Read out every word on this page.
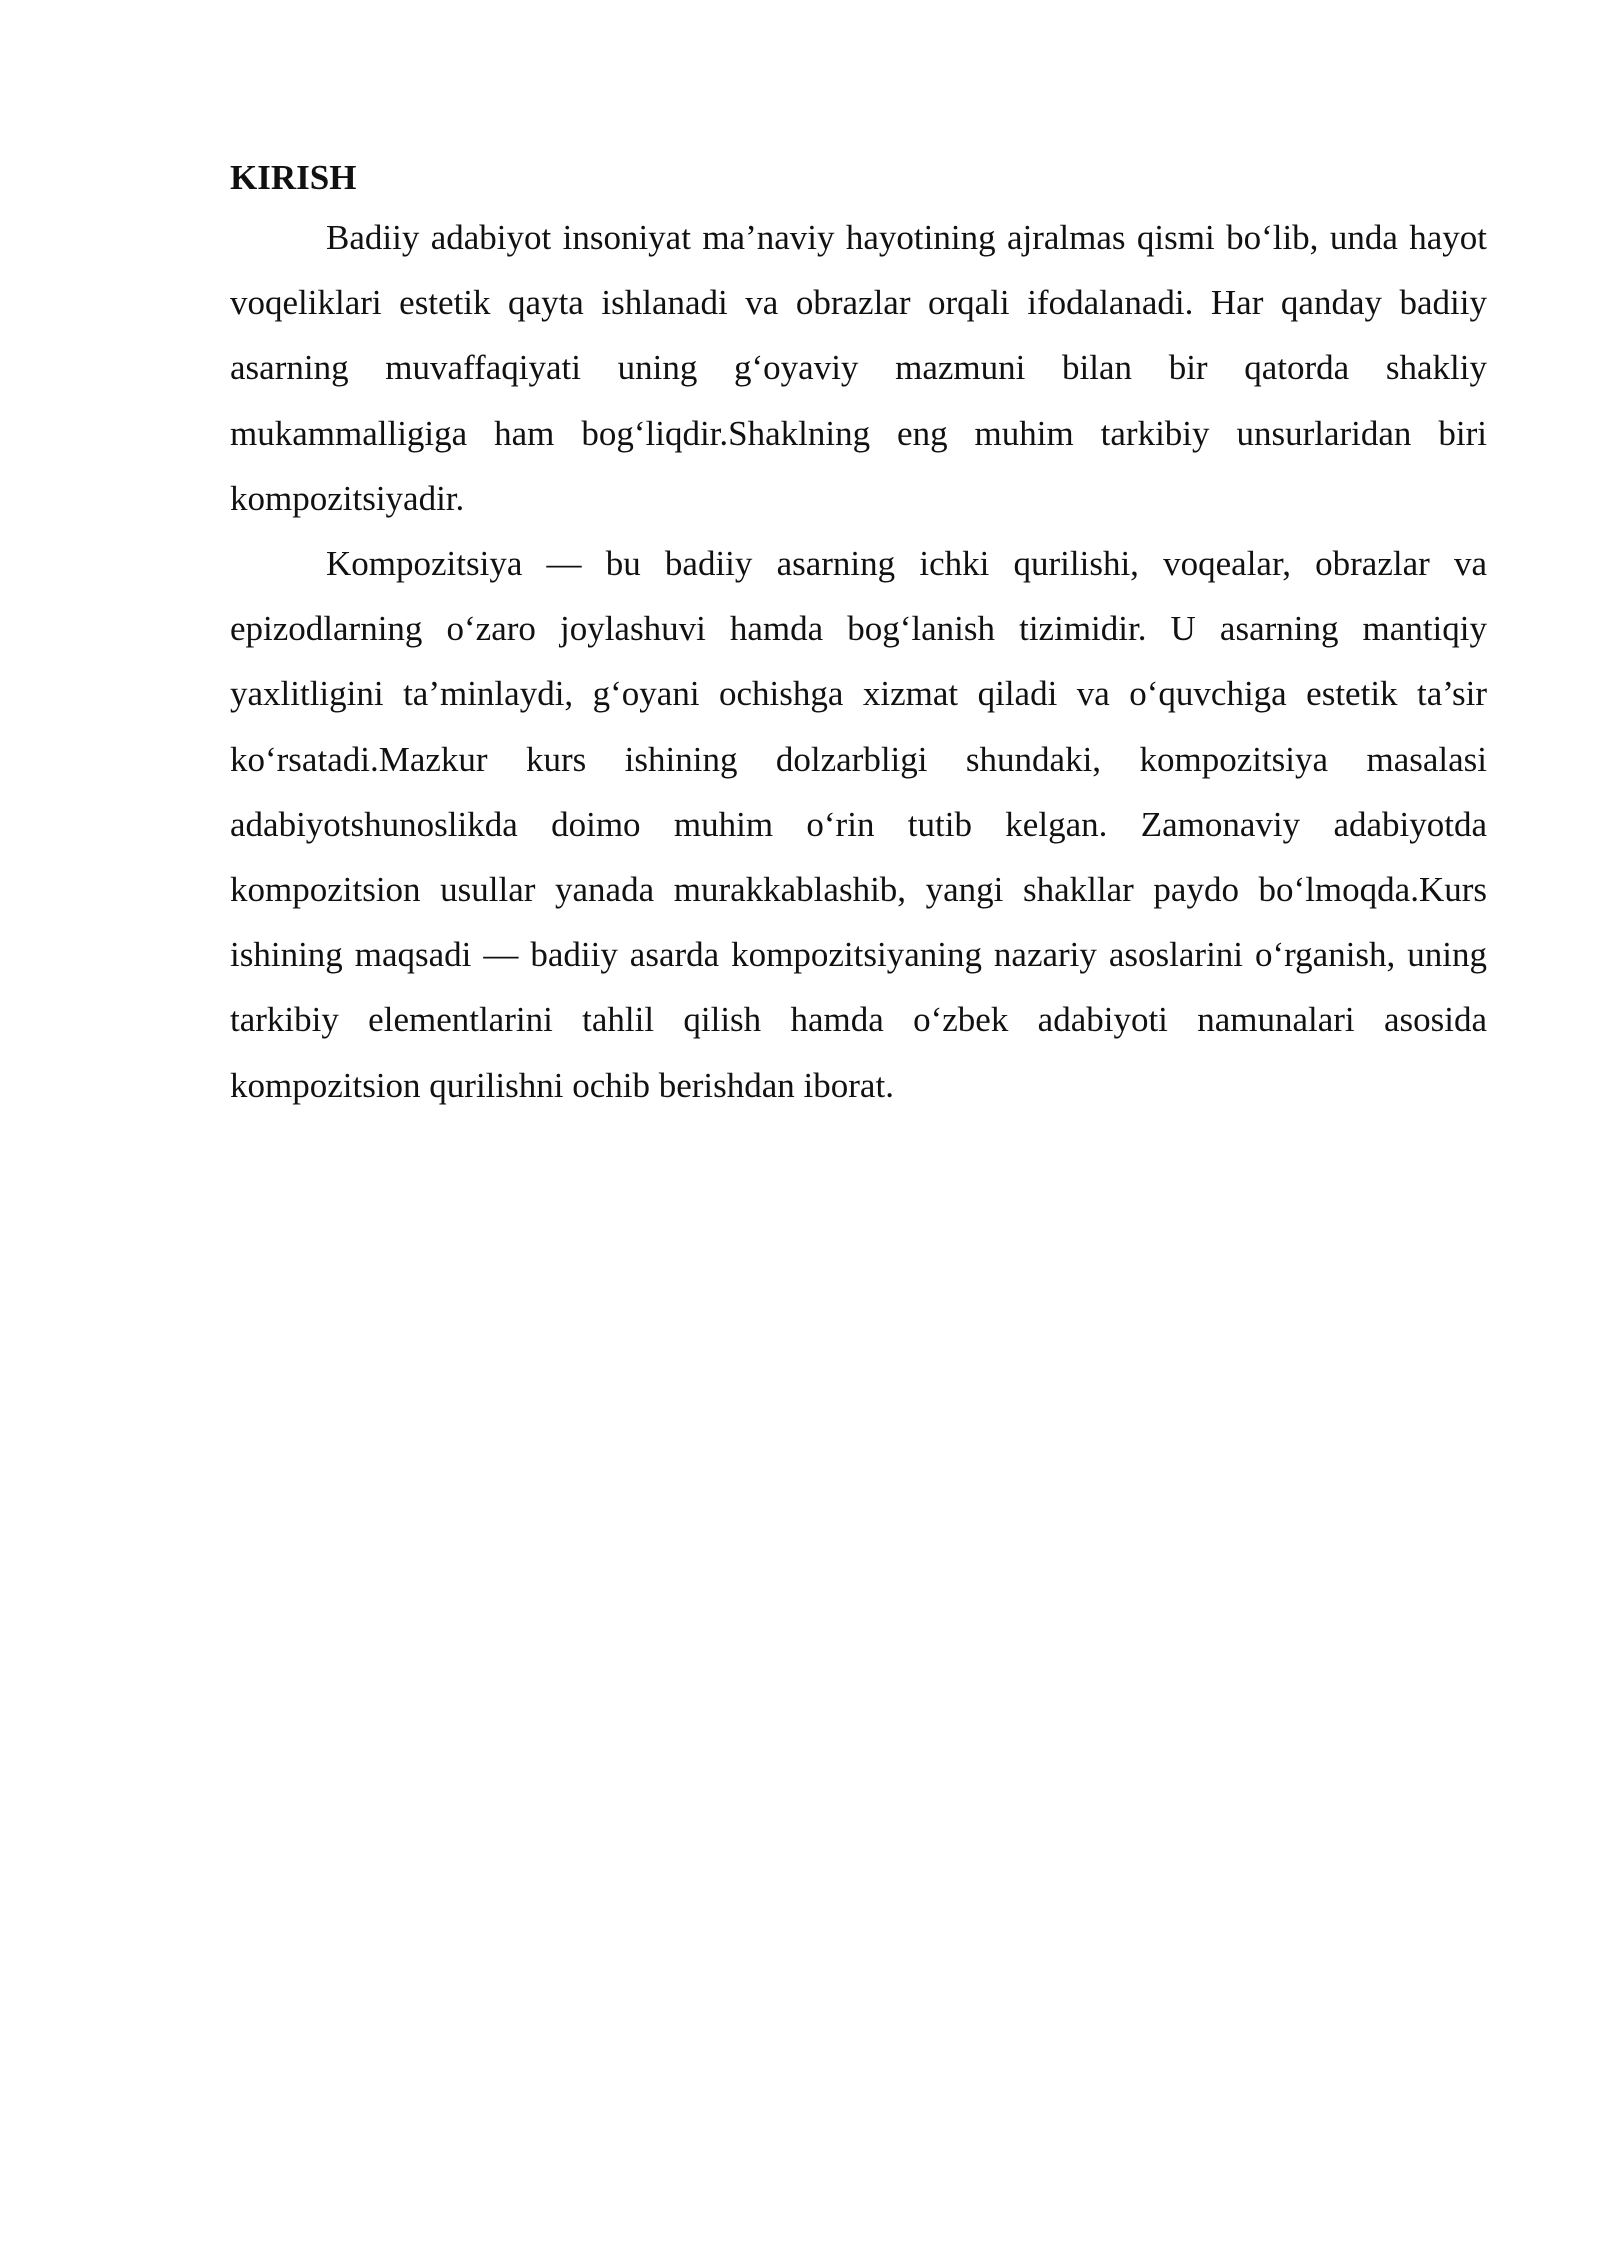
KIRISH

Badiiy adabiyot insoniyat ma’naviy hayotining ajralmas qismi bo‘lib, unda hayot voqeliklari estetik qayta ishlanadi va obrazlar orqali ifodalanadi. Har qanday badiiy asarning muvaffaqiyati uning g‘oyaviy mazmuni bilan bir qatorda shakliy mukammalligiga ham bog‘liqdir.Shaklning eng muhim tarkibiy unsurlaridan biri kompozitsiyadir.

Kompozitsiya — bu badiiy asarning ichki qurilishi, voqealar, obrazlar va epizodlarning o‘zaro joylashuvi hamda bog‘lanish tizimidir. U asarning mantiqiy yaxlitligini ta’minlaydi, g‘oyani ochishga xizmat qiladi va o‘quvchiga estetik ta’sir ko‘rsatadi.Mazkur kurs ishining dolzarbligi shundaki, kompozitsiya masalasi adabiyotshunoslikda doimo muhim o‘rin tutib kelgan. Zamonaviy adabiyotda kompozitsion usullar yanada murakkablashib, yangi shakllar paydo bo‘lmoqda.Kurs ishining maqsadi — badiiy asarda kompozitsiyaning nazariy asoslarini o‘rganish, uning tarkibiy elementlarini tahlil qilish hamda o‘zbek adabiyoti namunalari asosida kompozitsion qurilishni ochib berishdan iborat.
